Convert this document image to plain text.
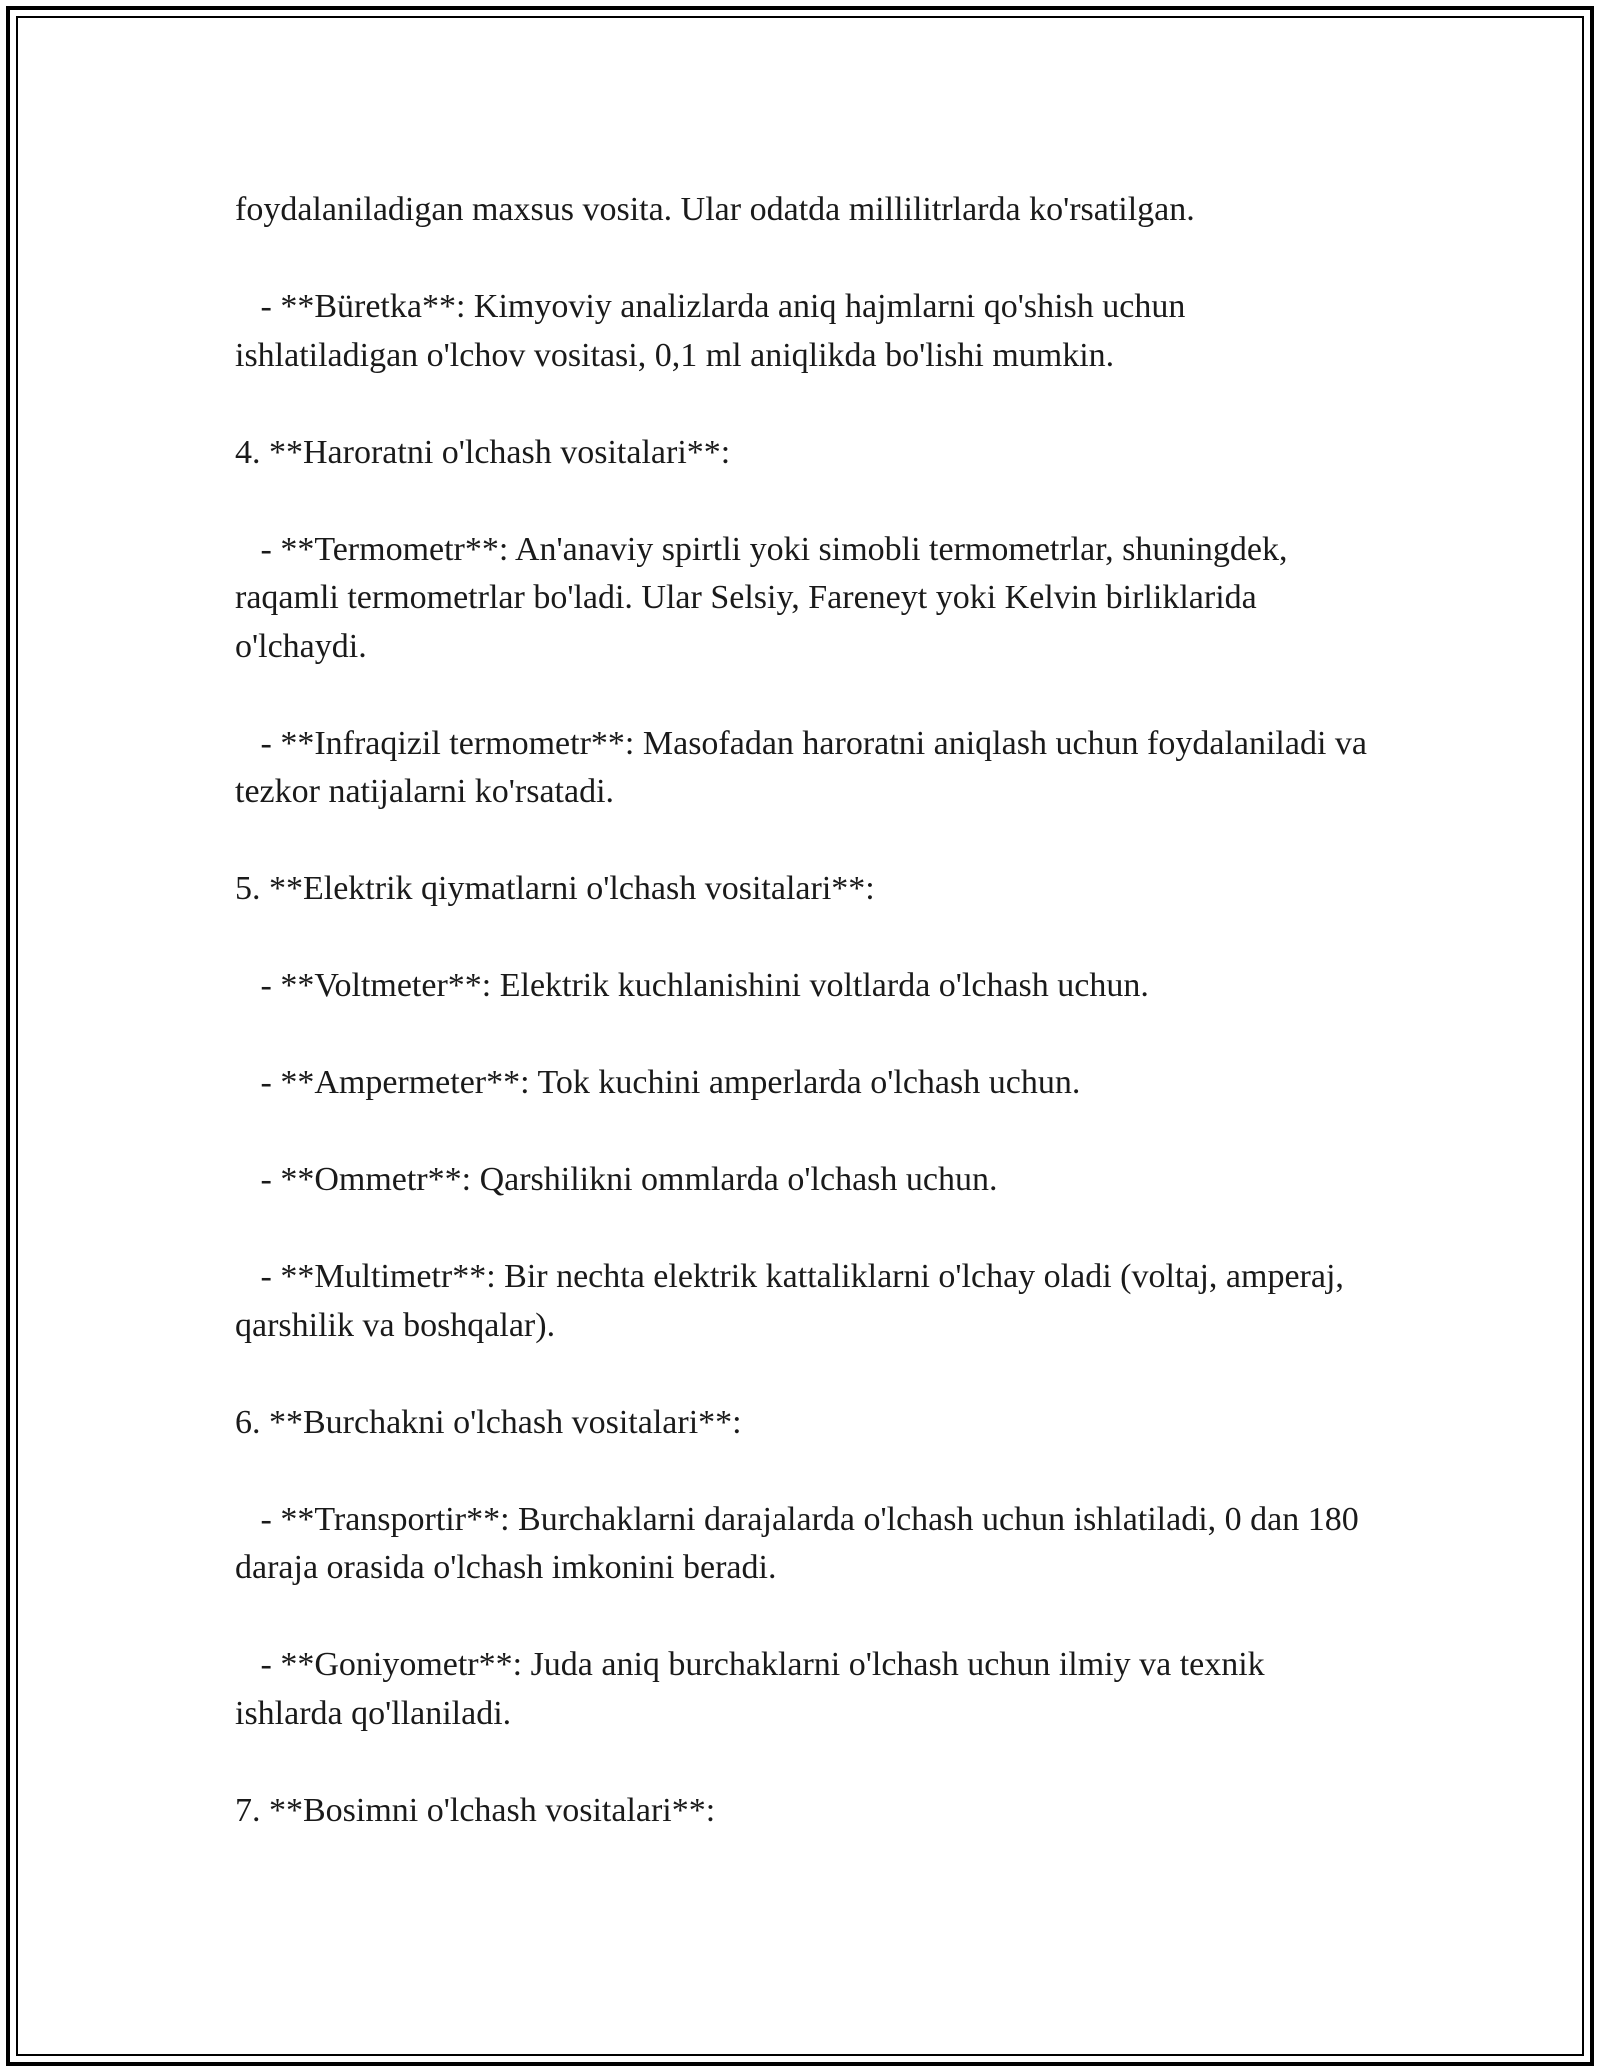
foydalaniladigan maxsus vosita. Ular odatda millilitrlarda ko'rsatilgan.

- **Büretka**: Kimyoviy analizlarda aniq hajmlarni qo'shish uchun ishlatiladigan o'lchov vositasi, 0,1 ml aniqlikda bo'lishi mumkin.

4. **Haroratni o'lchash vositalari**:

- **Termometr**: An'anaviy spirtli yoki simobli termometrlar, shuningdek, raqamli termometrlar bo'ladi. Ular Selsiy, Fareneyt yoki Kelvin birliklarida o'lchaydi.

- **Infraqizil termometr**: Masofadan haroratni aniqlash uchun foydalaniladi va tezkor natijalarni ko'rsatadi.

5. **Elektrik qiymatlarni o'lchash vositalari**:

- **Voltmeter**: Elektrik kuchlanishini voltlarda o'lchash uchun.

- **Ampermeter**: Tok kuchini amperlarda o'lchash uchun.

- **Ommetr**: Qarshilikni ommlarda o'lchash uchun.

- **Multimetr**: Bir nechta elektrik kattaliklarni o'lchay oladi (voltaj, amperaj, qarshilik va boshqalar).

6. **Burchakni o'lchash vositalari**:

- **Transportir**: Burchaklarni darajalarda o'lchash uchun ishlatiladi, 0 dan 180 daraja orasida o'lchash imkonini beradi.

- **Goniyometr**: Juda aniq burchaklarni o'lchash uchun ilmiy va texnik ishlarda qo'llaniladi.

7. **Bosimni o'lchash vositalari**:
